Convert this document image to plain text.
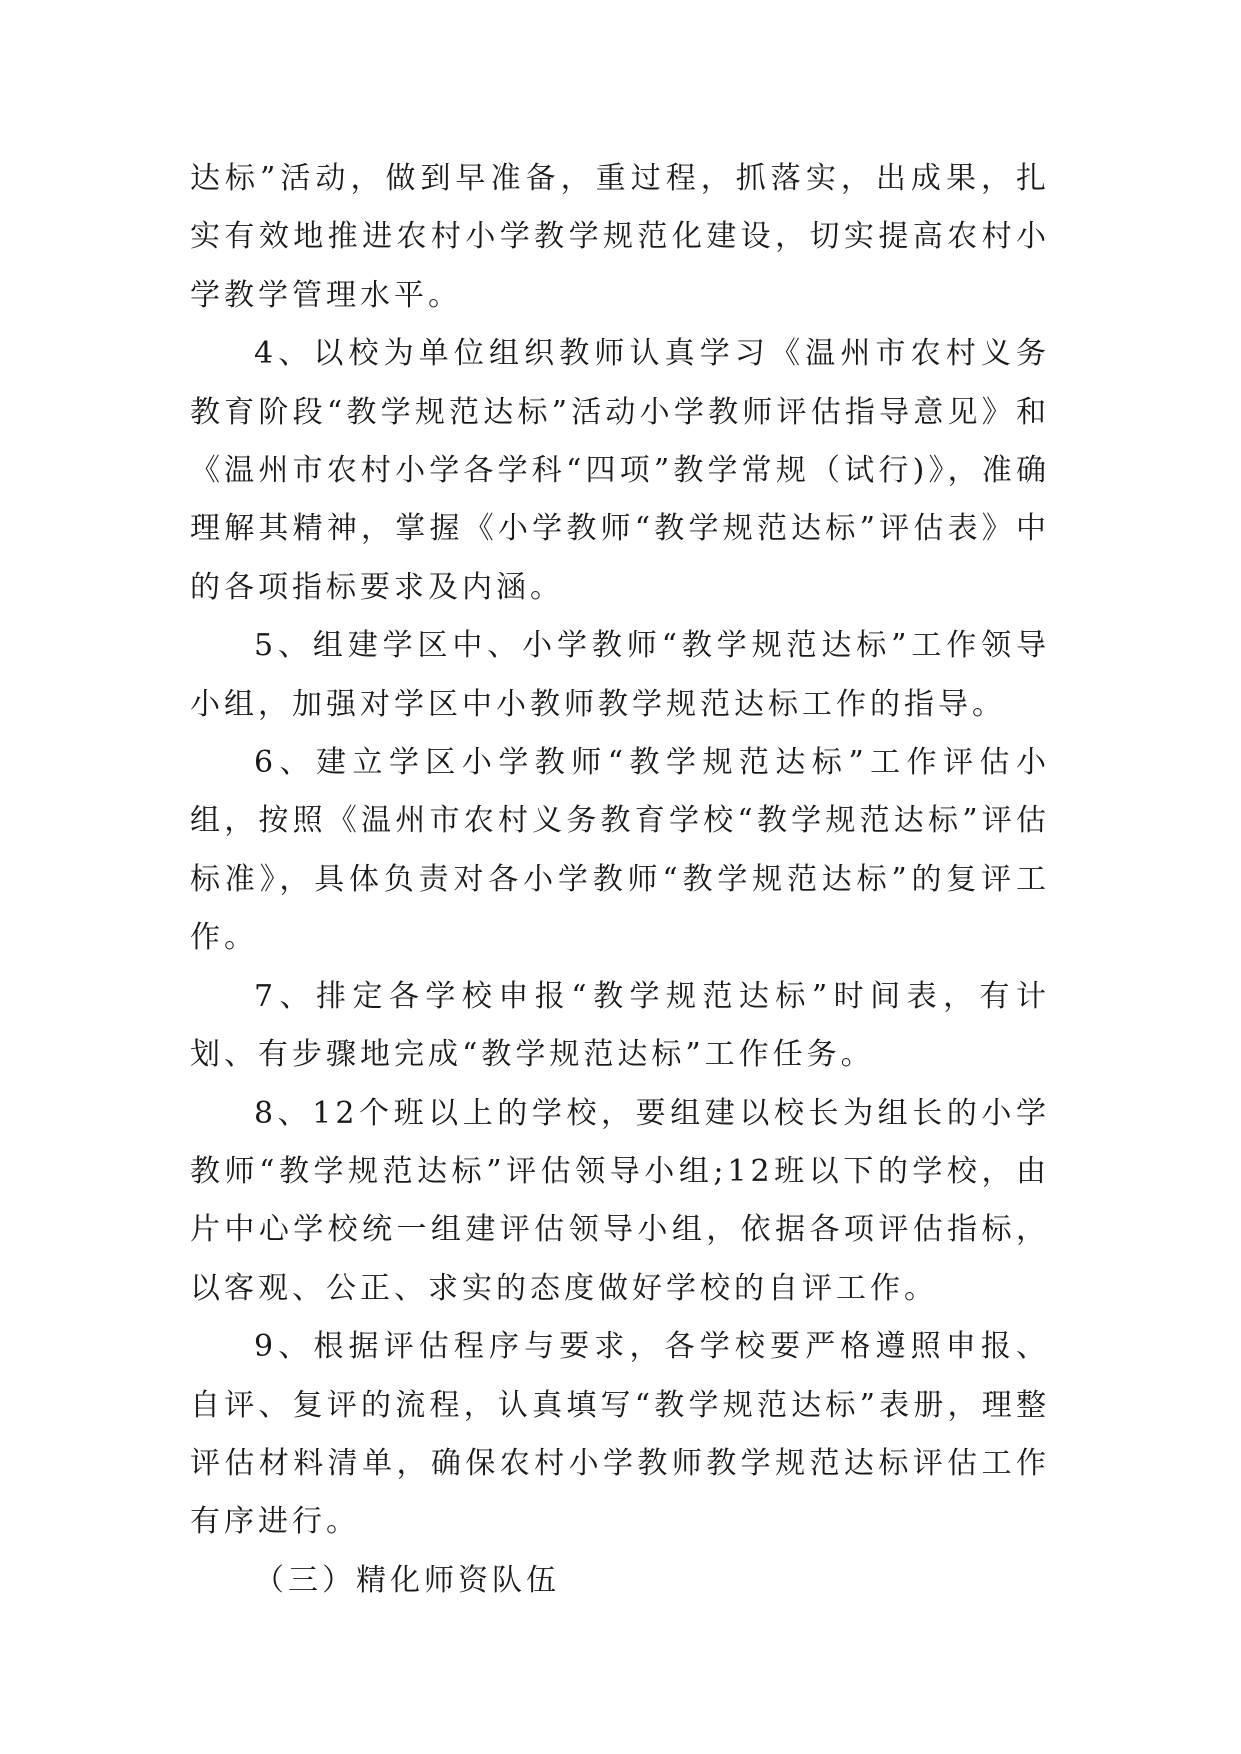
达标”活动，做到早准备，重过程，抓落实，出成果，扎实有效地推进农村小学教学规范化建设，切实提高农村小学教学管理水平。

4、以校为单位组织教师认真学习《温州市农村义务教育阶段“教学规范达标”活动小学教师评估指导意见》和《温州市农村小学各学科“四项”教学常规（试行)》，准确理解其精神，掌握《小学教师“教学规范达标”评估表》中的各项指标要求及内涵。

5、组建学区中、小学教师“教学规范达标”工作领导小组，加强对学区中小教师教学规范达标工作的指导。

6、建立学区小学教师“教学规范达标”工作评估小组，按照《温州市农村义务教育学校“教学规范达标”评估标准》，具体负责对各小学教师“教学规范达标”的复评工作。

7、排定各学校申报“教学规范达标”时间表，有计划、有步骤地完成“教学规范达标”工作任务。

8、12个班以上的学校，要组建以校长为组长的小学教师“教学规范达标”评估领导小组;12班以下的学校，由片中心学校统一组建评估领导小组，依据各项评估指标，以客观、公正、求实的态度做好学校的自评工作。

9、根据评估程序与要求，各学校要严格遵照申报、自评、复评的流程，认真填写“教学规范达标”表册，理整评估材料清单，确保农村小学教师教学规范达标评估工作有序进行。

（三）精化师资队伍
